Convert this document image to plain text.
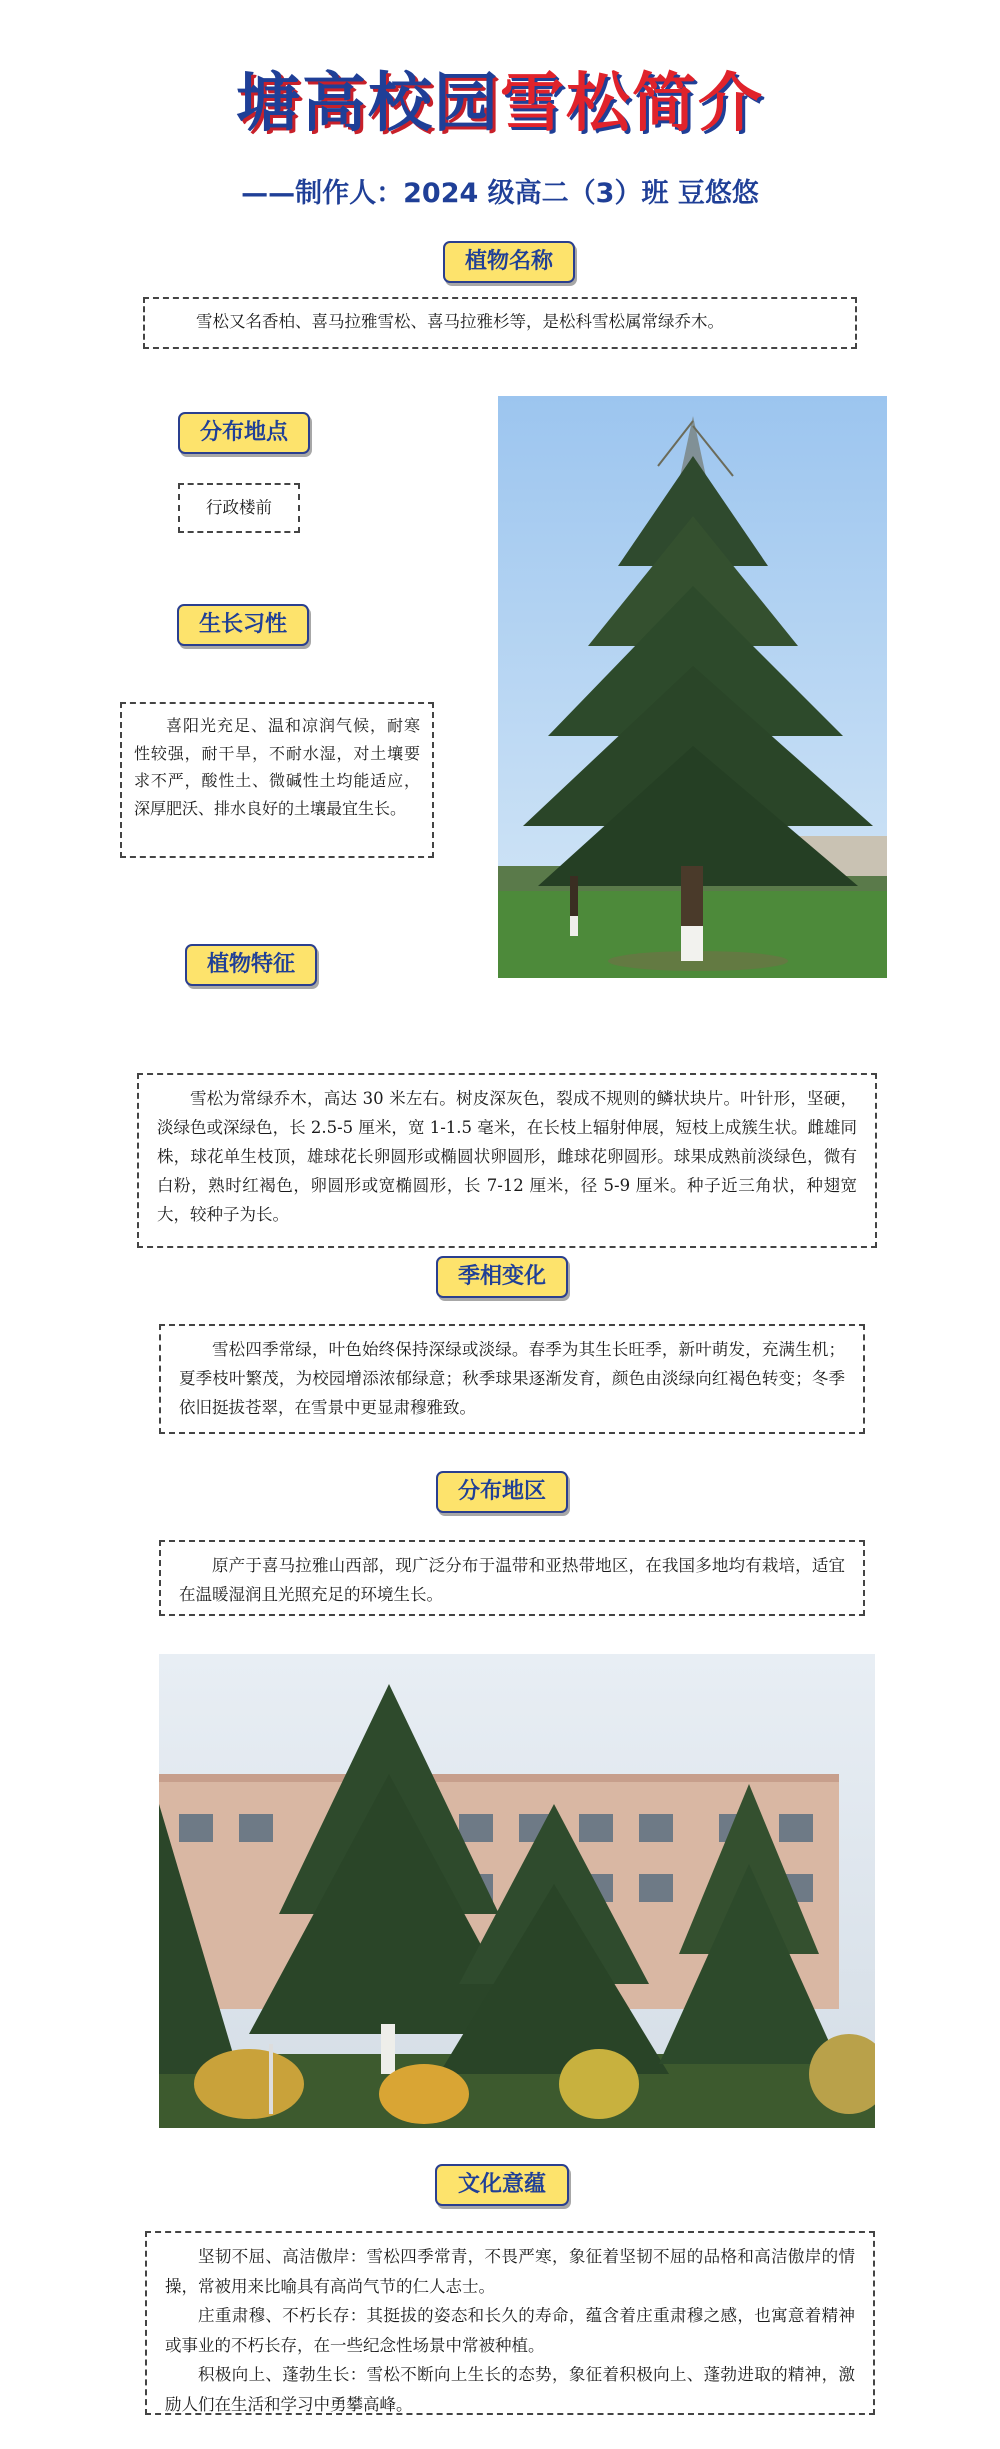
塘高校园雪松简介
——制作人：2024 级高二（3）班 豆悠悠
植物名称

雪松又名香柏、喜马拉雅雪松、喜马拉雅杉等，是松科雪松属常绿乔木。

分布地点
行政楼前
生长习性

喜阳光充足、温和凉润气候，耐寒性较强，耐干旱，不耐水湿，对土壤要求不严，酸性土、微碱性土均能适应，深厚肥沃、排水良好的土壤最宜生长。

植物特征

雪松为常绿乔木，高达 30 米左右。树皮深灰色，裂成不规则的鳞状块片。叶针形，坚硬，淡绿色或深绿色，长 2.5-5 厘米，宽 1-1.5 毫米，在长枝上辐射伸展，短枝上成簇生状。雌雄同株，球花单生枝顶，雄球花长卵圆形或椭圆状卵圆形，雌球花卵圆形。球果成熟前淡绿色，微有白粉，熟时红褐色，卵圆形或宽椭圆形，长 7-12 厘米，径 5-9 厘米。种子近三角状，种翅宽大，较种子为长。

季相变化

雪松四季常绿，叶色始终保持深绿或淡绿。春季为其生长旺季，新叶萌发，充满生机；夏季枝叶繁茂，为校园增添浓郁绿意；秋季球果逐渐发育，颜色由淡绿向红褐色转变；冬季依旧挺拔苍翠，在雪景中更显肃穆雅致。

分布地区

原产于喜马拉雅山西部，现广泛分布于温带和亚热带地区，在我国多地均有栽培，适宜在温暖湿润且光照充足的环境生长。

文化意蕴

坚韧不屈、高洁傲岸：雪松四季常青，不畏严寒，象征着坚韧不屈的品格和高洁傲岸的情操，常被用来比喻具有高尚气节的仁人志士。

庄重肃穆、不朽长存：其挺拔的姿态和长久的寿命，蕴含着庄重肃穆之感，也寓意着精神或事业的不朽长存，在一些纪念性场景中常被种植。

积极向上、蓬勃生长：雪松不断向上生长的态势，象征着积极向上、蓬勃进取的精神，激励人们在生活和学习中勇攀高峰。
